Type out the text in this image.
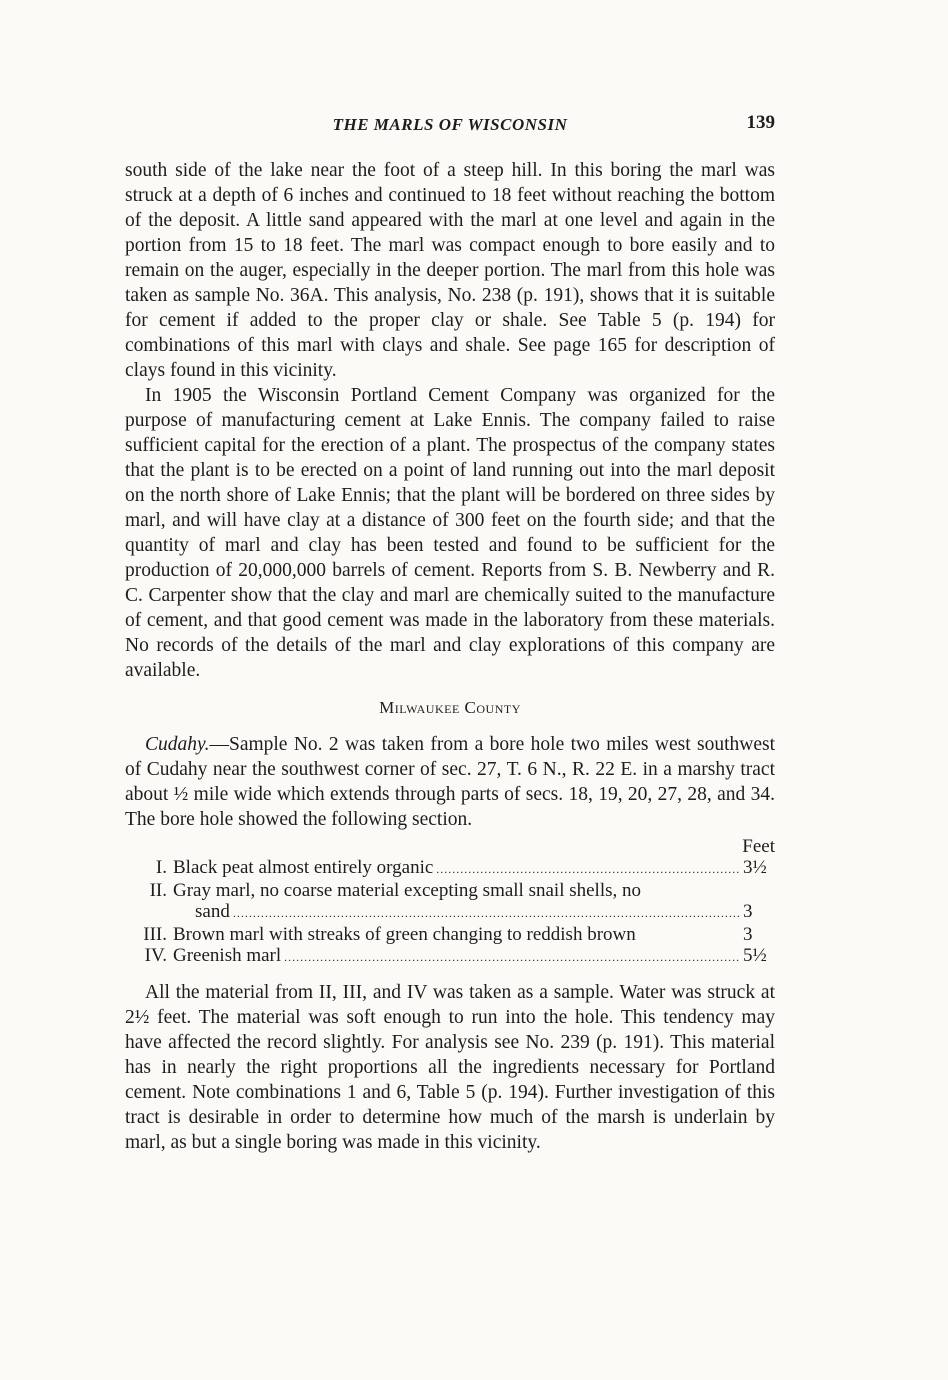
THE MARLS OF WISCONSIN	139

south side of the lake near the foot of a steep hill. In this boring the marl was struck at a depth of 6 inches and continued to 18 feet without reaching the bottom of the deposit. A little sand appeared with the marl at one level and again in the portion from 15 to 18 feet. The marl was compact enough to bore easily and to remain on the auger, especially in the deeper portion. The marl from this hole was taken as sample No. 36A. This analysis, No. 238 (p. 191), shows that it is suitable for cement if added to the proper clay or shale. See Table 5 (p. 194) for combinations of this marl with clays and shale. See page 165 for description of clays found in this vicinity.

In 1905 the Wisconsin Portland Cement Company was organized for the purpose of manufacturing cement at Lake Ennis. The company failed to raise sufficient capital for the erection of a plant. The prospectus of the company states that the plant is to be erected on a point of land running out into the marl deposit on the north shore of Lake Ennis; that the plant will be bordered on three sides by marl, and will have clay at a distance of 300 feet on the fourth side; and that the quantity of marl and clay has been tested and found to be sufficient for the production of 20,000,000 barrels of cement. Reports from S. B. Newberry and R. C. Carpenter show that the clay and marl are chemically suited to the manufacture of cement, and that good cement was made in the laboratory from these materials. No records of the details of the marl and clay explorations of this company are available.

Milwaukee County

Cudahy.—Sample No. 2 was taken from a bore hole two miles west southwest of Cudahy near the southwest corner of sec. 27, T. 6 N., R. 22 E. in a marshy tract about ½ mile wide which extends through parts of secs. 18, 19, 20, 27, 28, and 34. The bore hole showed the following section.

Feet
I. Black peat almost entirely organic .....	3½
II. Gray marl, no coarse material excepting small snail shells, no
sand .....	3
III. Brown marl with streaks of green changing to reddish brown	3
IV. Greenish marl .....	5½

All the material from II, III, and IV was taken as a sample. Water was struck at 2½ feet. The material was soft enough to run into the hole. This tendency may have affected the record slightly. For analysis see No. 239 (p. 191). This material has in nearly the right proportions all the ingredients necessary for Portland cement. Note combinations 1 and 6, Table 5 (p. 194). Further investigation of this tract is desirable in order to determine how much of the marsh is underlain by marl, as but a single boring was made in this vicinity.
